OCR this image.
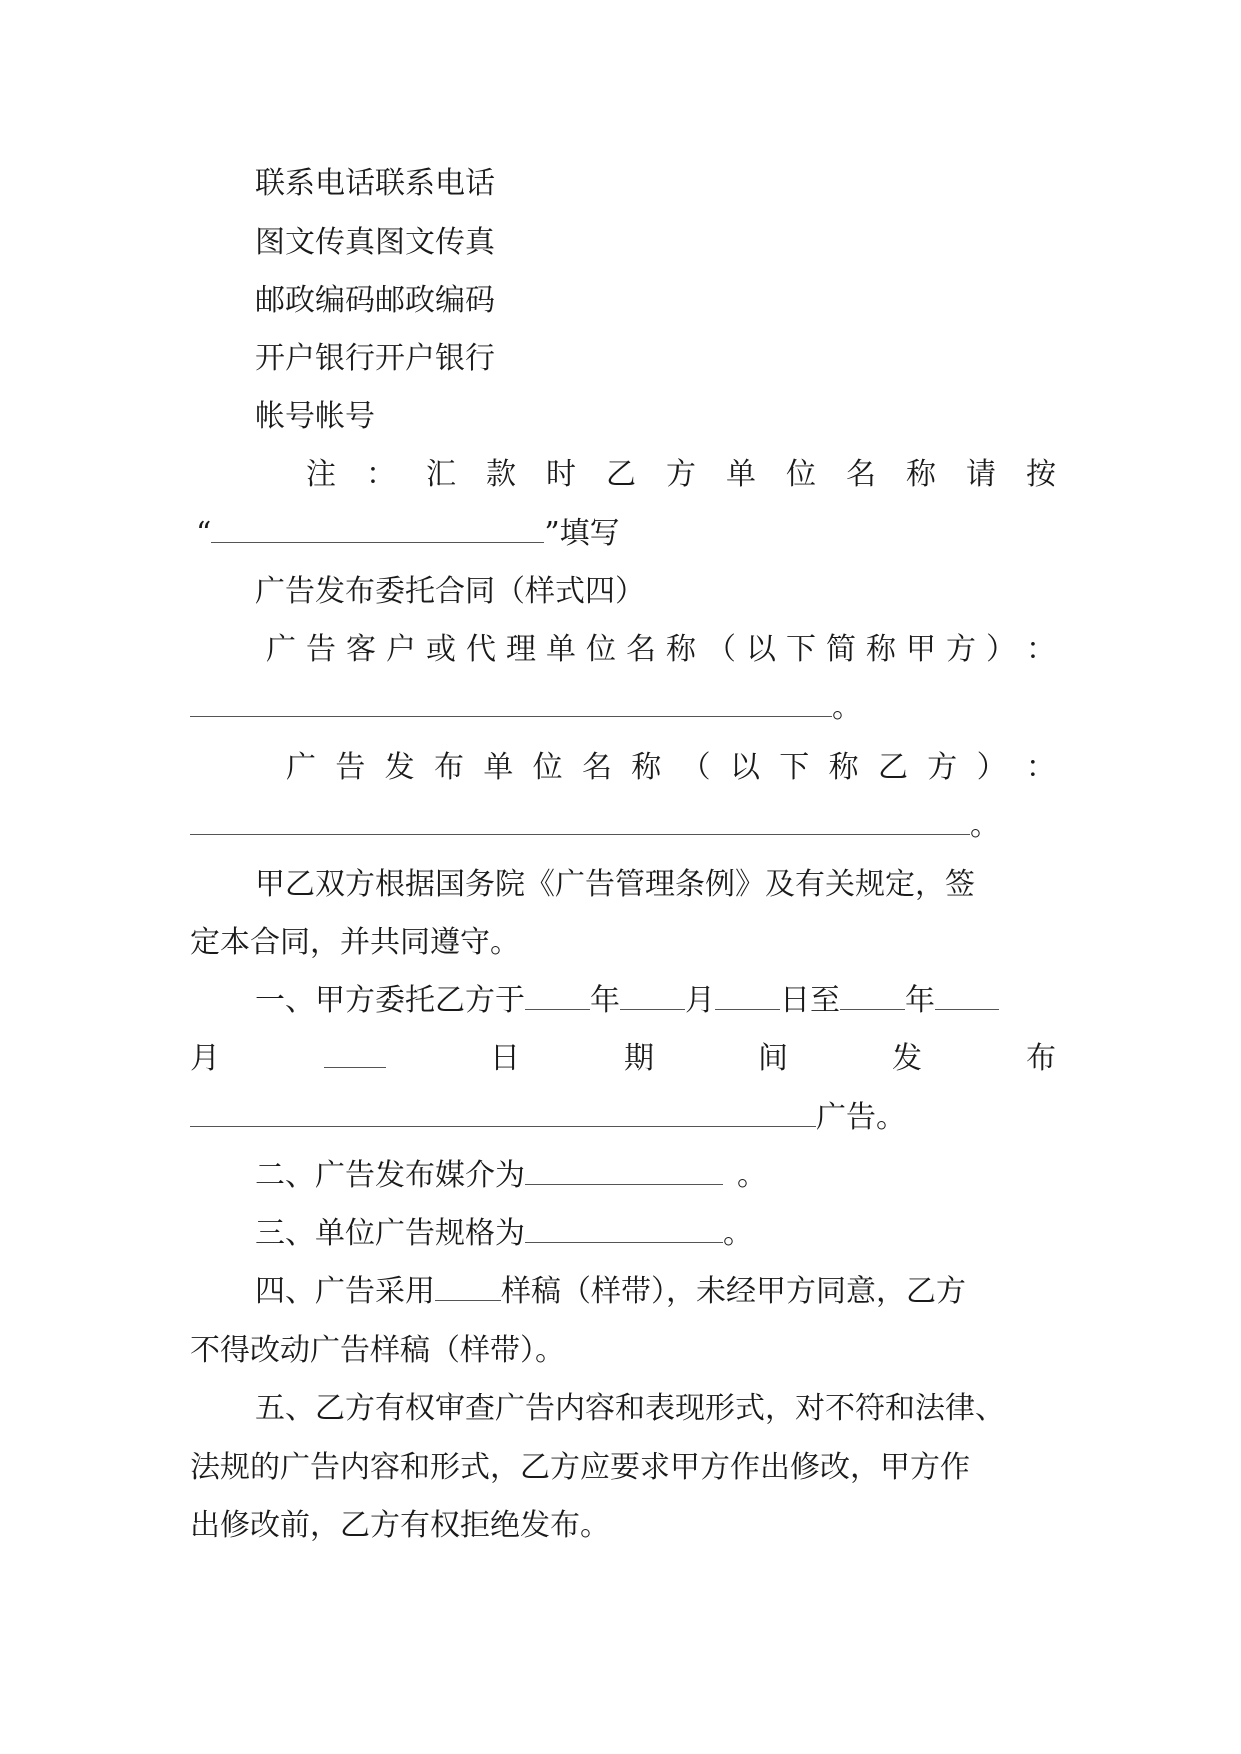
联系电话联系电话
图文传真图文传真
邮政编码邮政编码
开户银行开户银行
帐号帐号
注 ： 汇 款 时 乙 方 单 位 名 称 请 按
“	”填写
广告发布委托合同（样式四）
广 告 客 户 或 代 理 单 位 名 称 （ 以 下 简 称 甲 方 ） ：
。
广 告 发 布 单 位 名 称 （ 以 下 称 乙 方 ） ：
。
甲乙双方根据国务院《广告管理条例》及有关规定，签
定本合同，并共同遵守。
一、甲方委托乙方于 年 月 日至 年
月	日	期	间	发	布
广告。
二、广告发布媒介为	。
三、单位广告规格为	。
四、广告采用 样稿（样带），未经甲方同意，乙方
不得改动广告样稿（样带）。
五、乙方有权审查广告内容和表现形式，对不符和法律、
法规的广告内容和形式，乙方应要求甲方作出修改，甲方作
出修改前，乙方有权拒绝发布。
